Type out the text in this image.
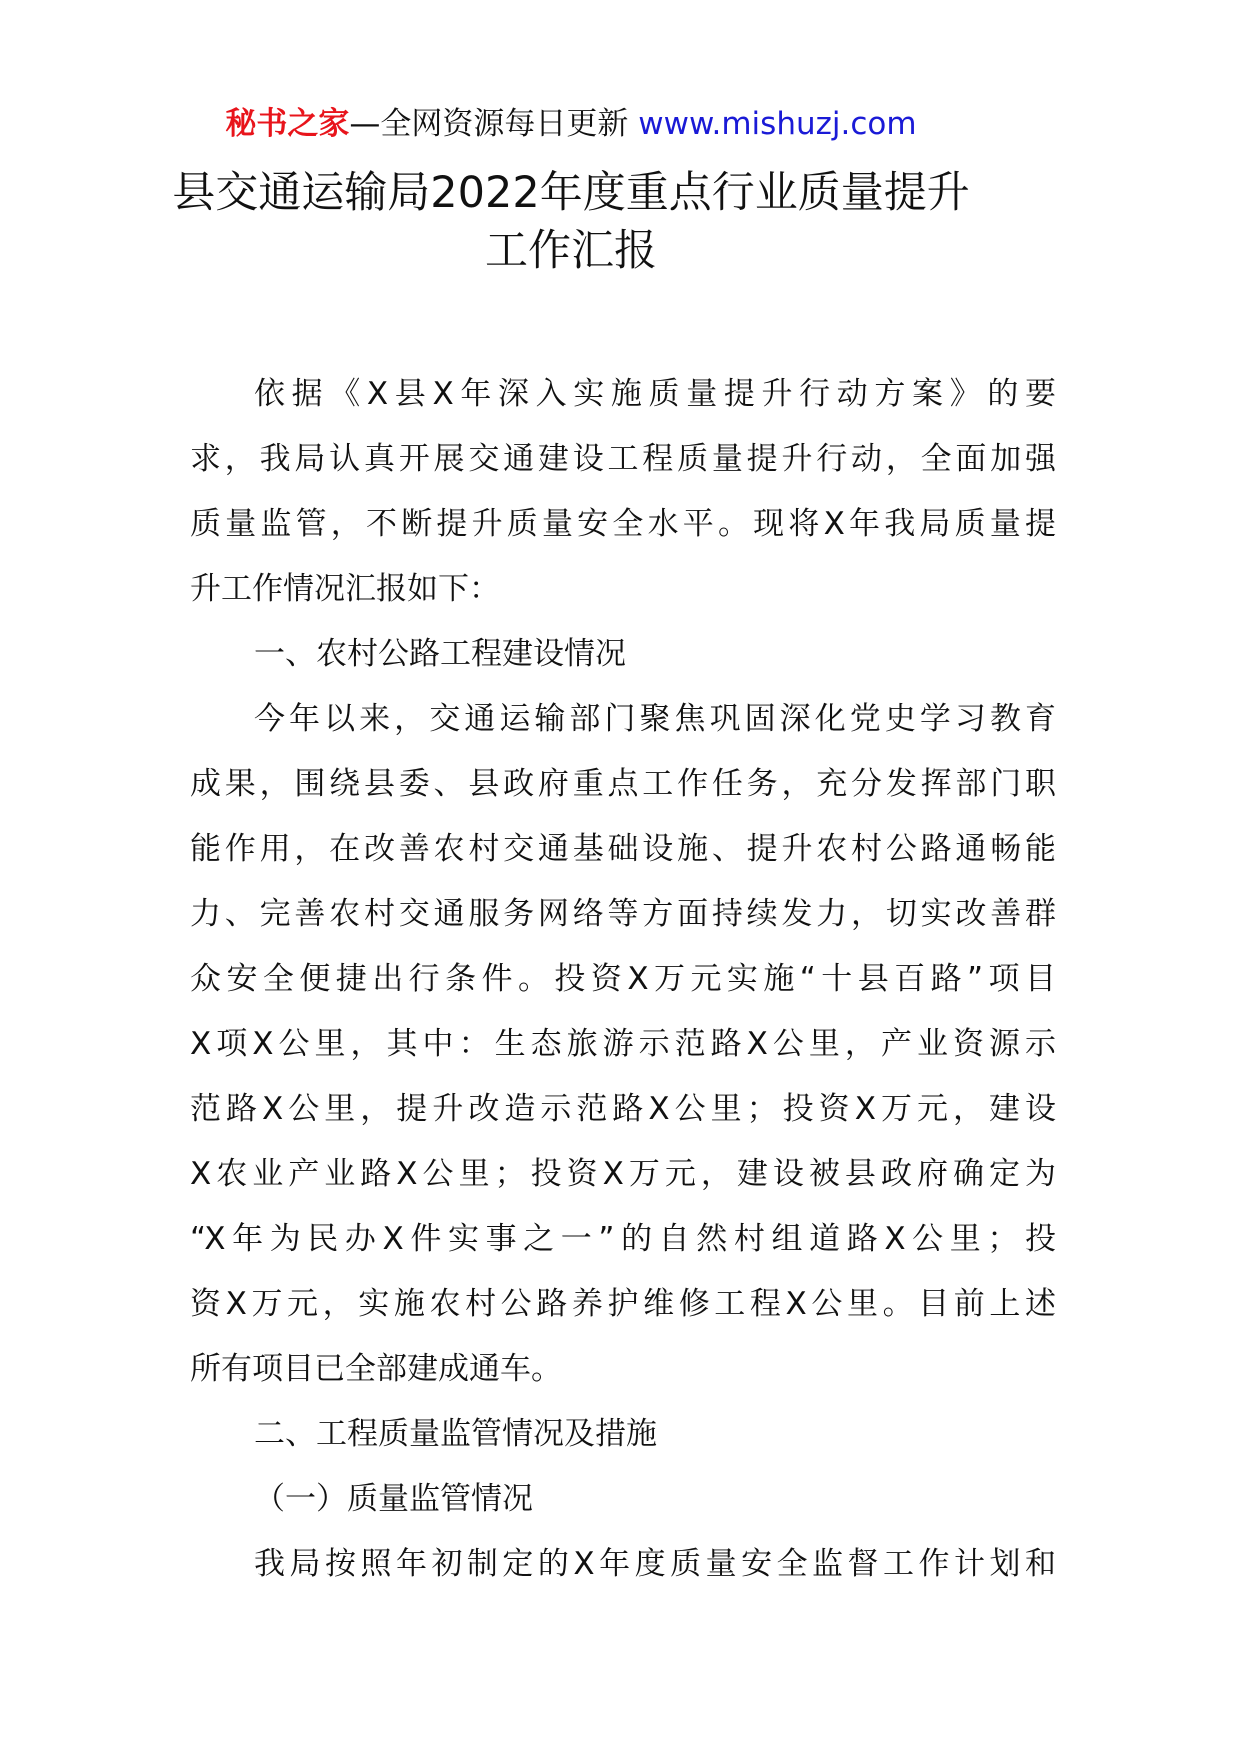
秘书之家—全网资源每日更新 www.mishuzj.com
县交通运输局2022年度重点行业质量提升
工作汇报
依据《X县X年深入实施质量提升行动方案》的要
求，我局认真开展交通建设工程质量提升行动，全面加强
质量监管，不断提升质量安全水平。现将X年我局质量提
升工作情况汇报如下：
一、农村公路工程建设情况
今年以来，交通运输部门聚焦巩固深化党史学习教育
成果，围绕县委、县政府重点工作任务，充分发挥部门职
能作用，在改善农村交通基础设施、提升农村公路通畅能
力、完善农村交通服务网络等方面持续发力，切实改善群
众安全便捷出行条件。投资X万元实施“十县百路”项目
X项X公里，其中：生态旅游示范路X公里，产业资源示
范路X公里，提升改造示范路X公里；投资X万元，建设
X农业产业路X公里；投资X万元，建设被县政府确定为
“X年为民办X件实事之一”的自然村组道路X公里；投
资X万元，实施农村公路养护维修工程X公里。目前上述
所有项目已全部建成通车。
二、工程质量监管情况及措施
（一）质量监管情况
我局按照年初制定的X年度质量安全监督工作计划和
